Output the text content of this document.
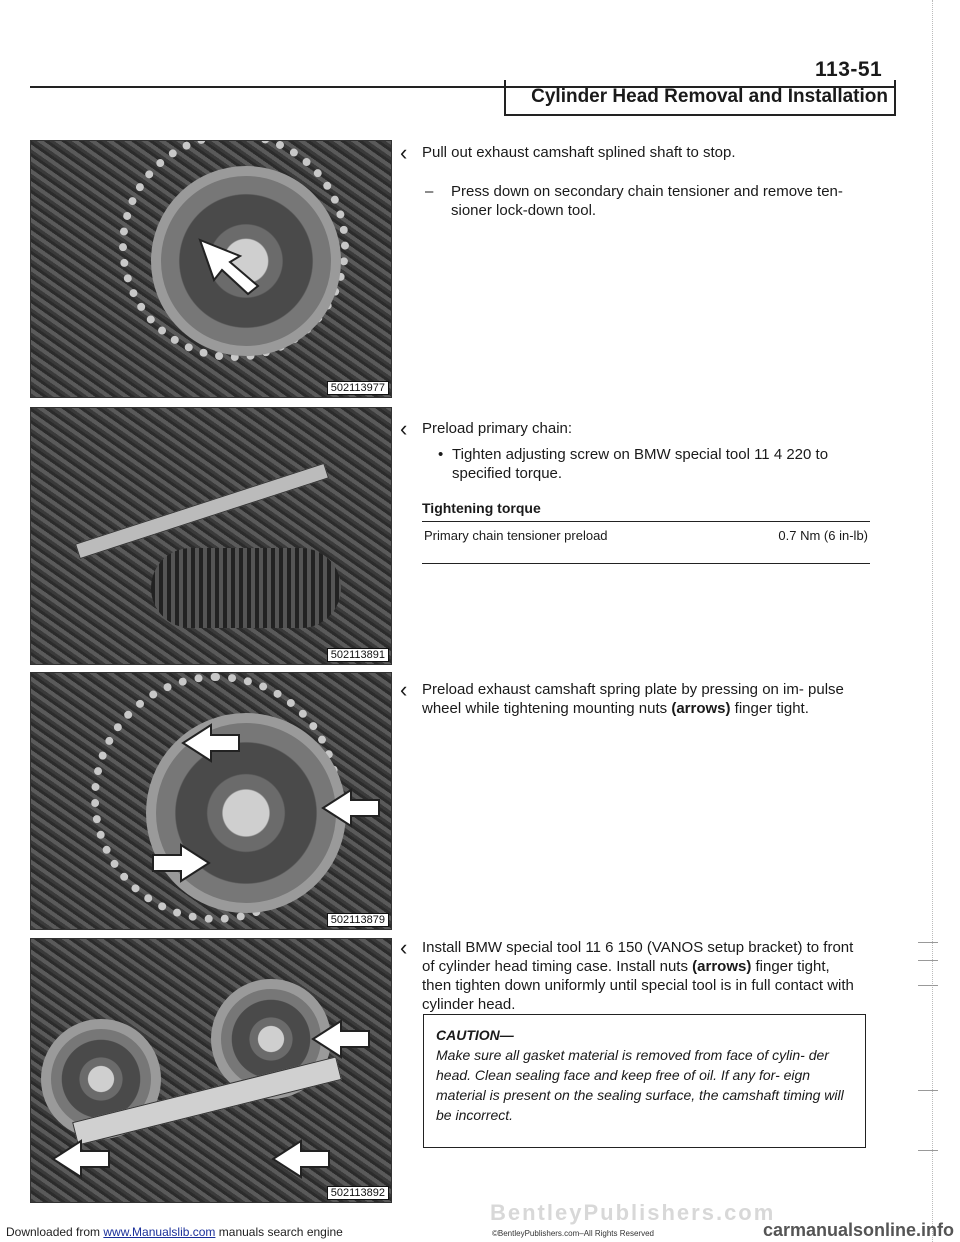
113-51
Cylinder Head Removal and Installation
502113977
502113891
502113879
502113892
‹ Pull out exhaust camshaft splined shaft to stop.
– Press down on secondary chain tensioner and remove ten- sioner lock-down tool.
‹ Preload primary chain:
• Tighten adjusting screw on BMW special tool 11 4 220 to specified torque.
Tightening torque
Primary chain tensioner preload	0.7 Nm (6 in-lb)
‹ Preload exhaust camshaft spring plate by pressing on im- pulse wheel while tightening mounting nuts (arrows) finger tight.
‹ Install BMW special tool 11 6 150 (VANOS setup bracket) to front of cylinder head timing case. Install nuts (arrows) finger tight, then tighten down uniformly until special tool is in full contact with cylinder head.
CAUTION—
Make sure all gasket material is removed from face of cylin- der head. Clean sealing face and keep free of oil. If any for- eign material is present on the sealing surface, the camshaft timing will be incorrect.
BentleyPublishers.com
©BentleyPublishers.com–All Rights Reserved
Downloaded from www.Manualslib.com manuals search engine	carmanualsonline.info
